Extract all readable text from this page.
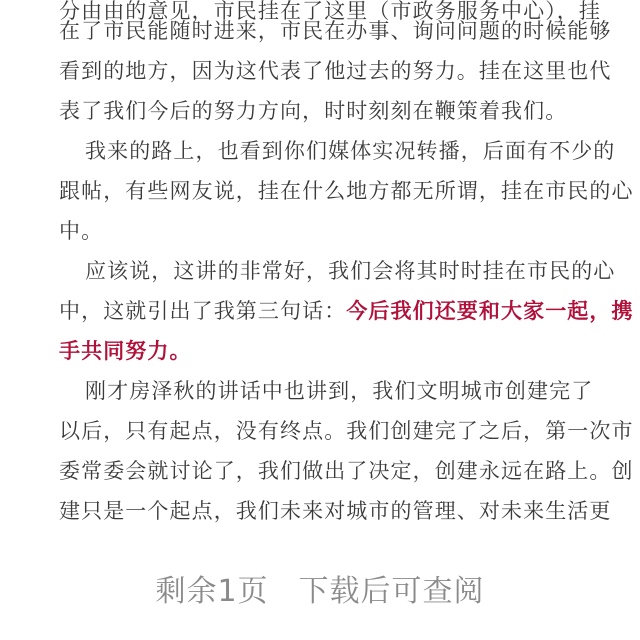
分由由的意见，市民挂在了这里（市政务服务中心），挂
在了市民能随时进来，市民在办事、询问问题的时候能够
看到的地方，因为这代表了他过去的努力。挂在这里也代
表了我们今后的努力方向，时时刻刻在鞭策着我们。
我来的路上，也看到你们媒体实况转播，后面有不少的
跟帖，有些网友说，挂在什么地方都无所谓，挂在市民的心
中。
应该说，这讲的非常好，我们会将其时时挂在市民的心
中，这就引出了我第三句话：今后我们还要和大家一起，携
手共同努力。
刚才房泽秋的讲话中也讲到，我们文明城市创建完了
以后，只有起点，没有终点。我们创建完了之后，第一次市
委常委会就讨论了，我们做出了决定，创建永远在路上。创
建只是一个起点，我们未来对城市的管理、对未来生活更
剩余1页 下载后可查阅
